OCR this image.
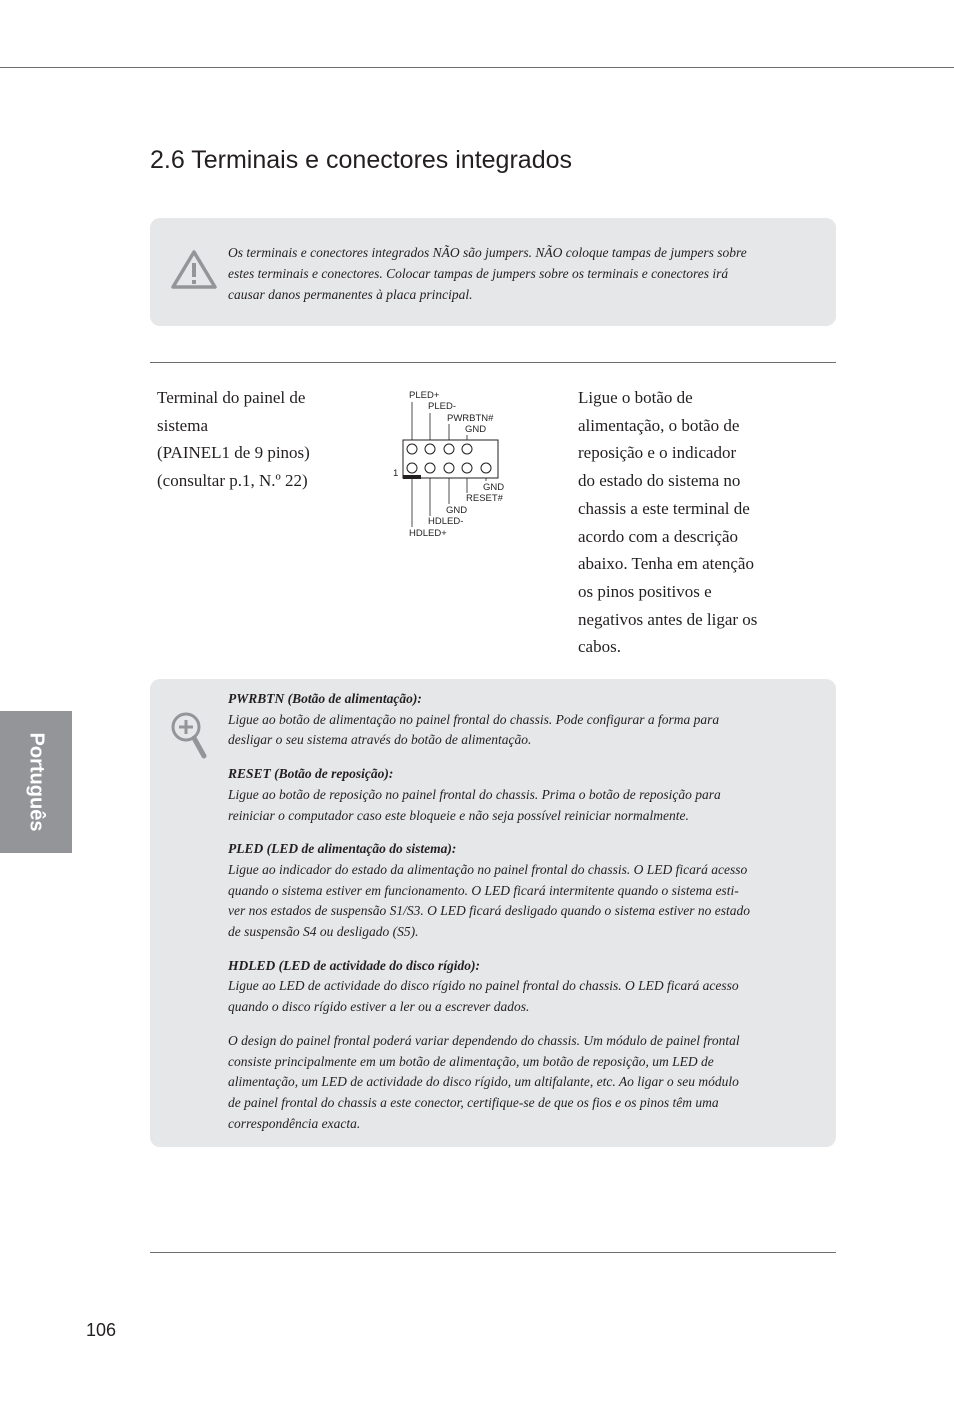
2.6 Terminais e conectores integrados
Os terminais e conectores integrados NÃO são jumpers. NÃO coloque tampas de jumpers sobre
estes terminais e conectores. Colocar tampas de jumpers sobre os terminais e conectores irá
causar danos permanentes à placa principal.
Terminal do painel de
sistema
(PAINEL1 de 9 pinos)
(consultar p.1, N.º 22)
PLED+
PLED-
PWRBTN#
GND
1
GND
RESET#
GND
HDLED-
HDLED+
Ligue o botão de
alimentação, o botão de
reposição e o indicador
do estado do sistema no
chassis a este terminal de
acordo com a descrição
abaixo. Tenha em atenção
os pinos positivos e
negativos antes de ligar os
cabos.

PWRBTN (Botão de alimentação):

Ligue ao botão de alimentação no painel frontal do chassis. Pode configurar a forma para

desligar o seu sistema através do botão de alimentação.

RESET (Botão de reposição):

Ligue ao botão de reposição no painel frontal do chassis. Prima o botão de reposição para

reiniciar o computador caso este bloqueie e não seja possível reiniciar normalmente.

PLED (LED de alimentação do sistema):

Ligue ao indicador do estado da alimentação no painel frontal do chassis. O LED ficará acesso

quando o sistema estiver em funcionamento. O LED ficará intermitente quando o sistema esti-

ver nos estados de suspensão S1/S3. O LED ficará desligado quando o sistema estiver no estado

de suspensão S4 ou desligado (S5).

HDLED (LED de actividade do disco rígido):

Ligue ao LED de actividade do disco rígido no painel frontal do chassis. O LED ficará acesso

quando o disco rígido estiver a ler ou a escrever dados.

O design do painel frontal poderá variar dependendo do chassis. Um módulo de painel frontal

consiste principalmente em um botão de alimentação, um botão de reposição, um LED de

alimentação, um LED de actividade do disco rígido, um altifalante, etc. Ao ligar o seu módulo

de painel frontal do chassis a este conector, certifique-se de que os fios e os pinos têm uma

correspondência exacta.

Português
106
